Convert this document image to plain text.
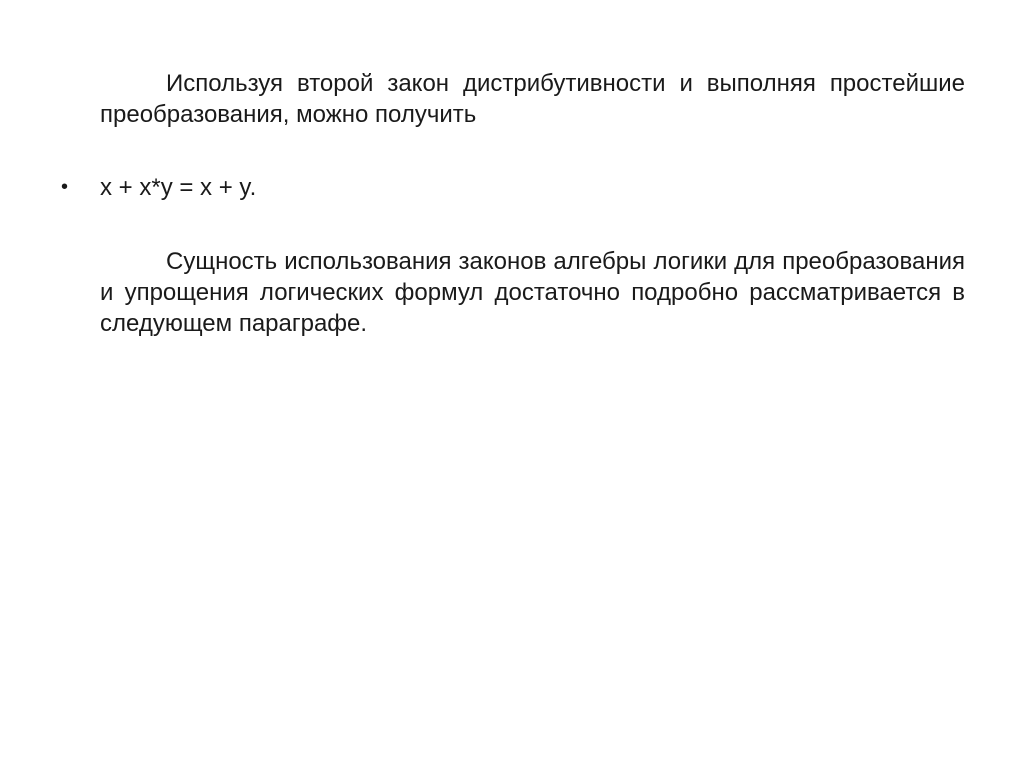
Используя второй закон дистрибутивности и выполняя простейшие преобразования, можно получить

• x + x*y = x + y.

Сущность использования законов алгебры логики для преобразования и упрощения логических формул достаточно подробно рассматривается в следующем параграфе.
